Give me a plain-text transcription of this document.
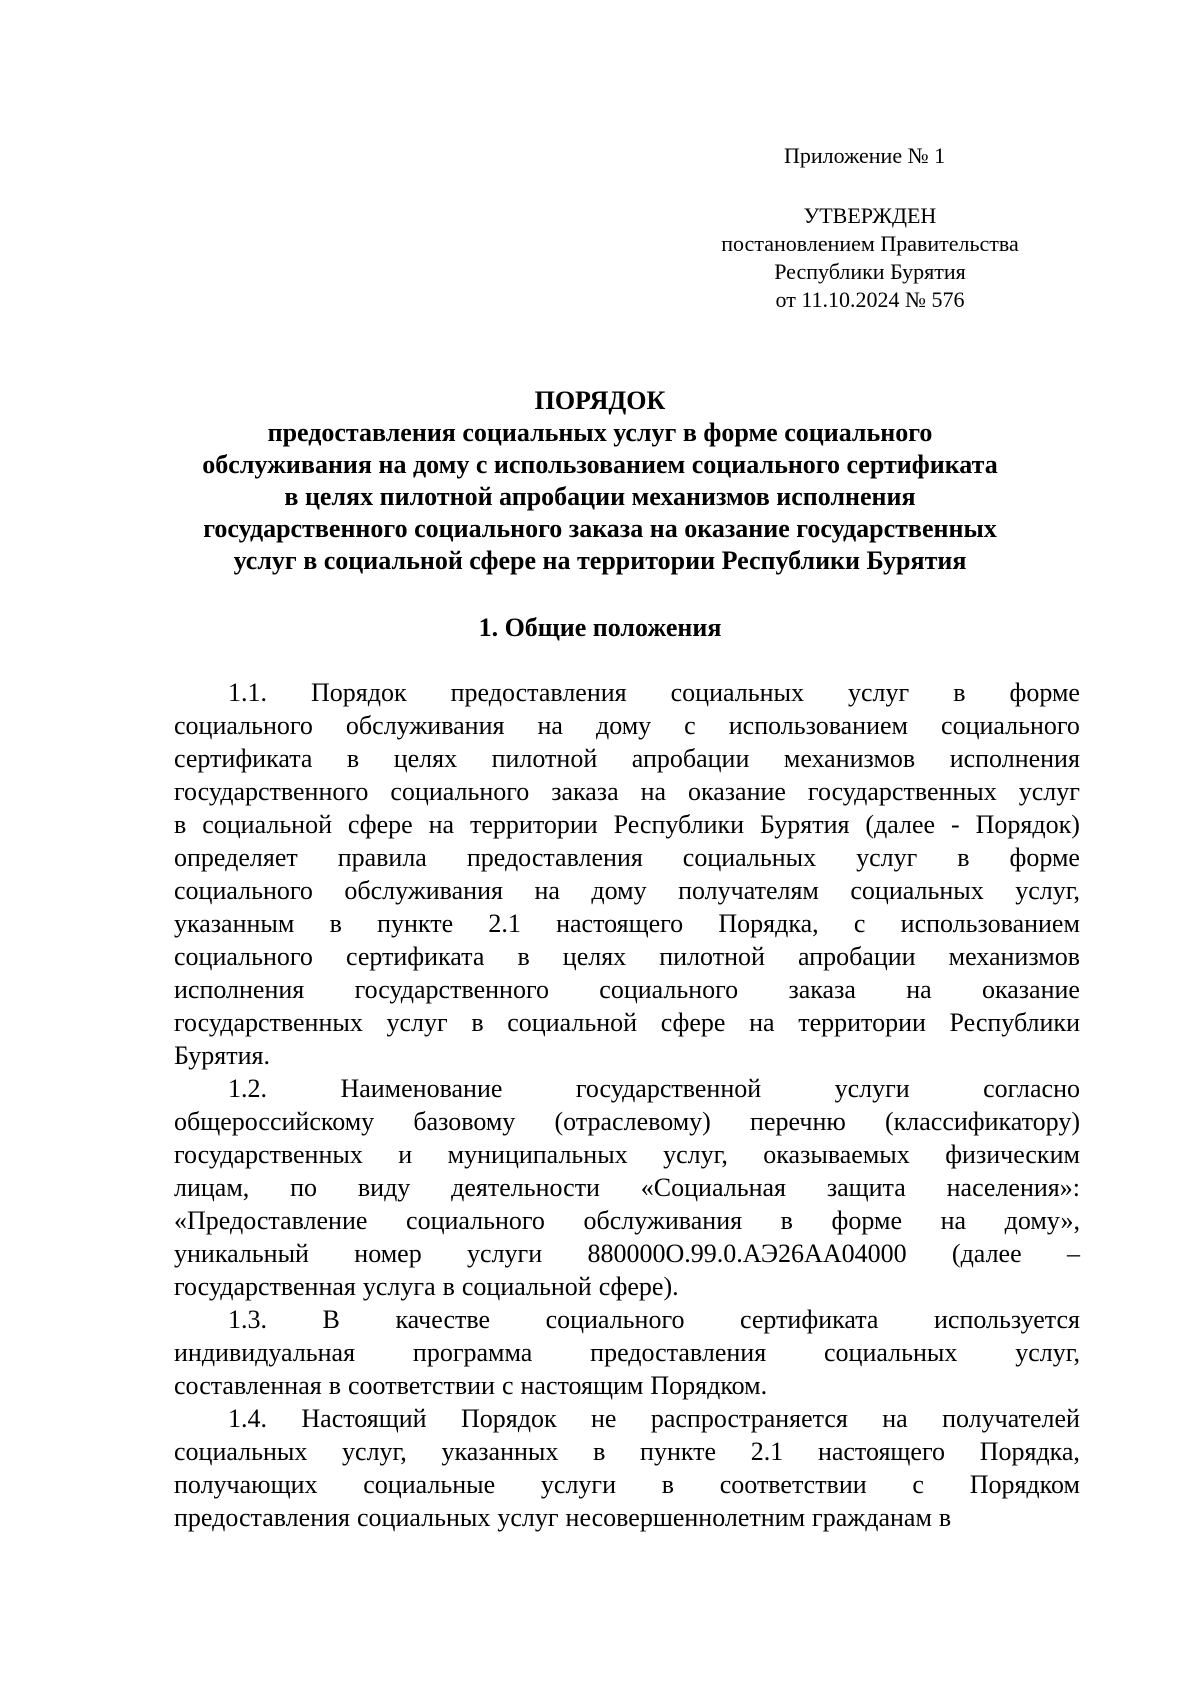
Приложение № 1
УТВЕРЖДЕН
постановлением Правительства
Республики Бурятия
от 11.10.2024 № 576
ПОРЯДОК
предоставления социальных услуг в форме социального
обслуживания на дому с использованием социального сертификата
в целях пилотной апробации механизмов исполнения
государственного социального заказа на оказание государственных
услуг в социальной сфере на территории Республики Бурятия
1. Общие положения
1.1. Порядок предоставления социальных услуг в форме
социального обслуживания на дому с использованием социального
сертификата в целях пилотной апробации механизмов исполнения
государственного социального заказа на оказание государственных услуг
в социальной сфере на территории Республики Бурятия (далее - Порядок)
определяет правила предоставления социальных услуг в форме
социального обслуживания на дому получателям социальных услуг,
указанным в пункте 2.1 настоящего Порядка, с использованием
социального сертификата в целях пилотной апробации механизмов
исполнения государственного социального заказа на оказание
государственных услуг в социальной сфере на территории Республики
Бурятия.
1.2.	Наименование	государственной	услуги	согласно
общероссийскому базовому (отраслевому) перечню (классификатору)
государственных и муниципальных услуг, оказываемых физическим
лицам, по виду деятельности «Социальная защита населения»:
«Предоставление социального обслуживания в форме на дому»,
уникальный номер услуги 880000О.99.0.АЭ26АА04000 (далее –
государственная услуга в социальной сфере).
1.3. В качестве социального сертификата используется
индивидуальная программа предоставления социальных услуг,
составленная в соответствии с настоящим Порядком.
1.4. Настоящий Порядок не распространяется на получателей
социальных услуг, указанных в пункте 2.1 настоящего Порядка,
получающих социальные услуги в соответствии с Порядком
предоставления социальных услуг несовершеннолетним гражданам в
